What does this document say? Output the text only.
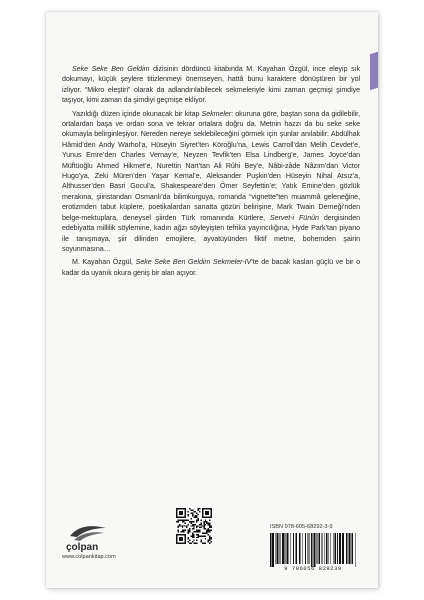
Seke Seke Ben Geldim dizisinin dördüncü kitabında M. Kayahan Özgül, ince eleyip sık dokumayı, küçük şeylere titizlenmeyi önemseyen, hattâ bunu karaktere dönüştüren bir yol izliyor. “Mikro eleştiri” olarak da adlandırılabilecek sekmeleriyle kimi zaman geçmişi şimdiye taşıyor, kimi zaman da şimdiyi geçmişe ekliyor.

Yazıldığı düzen içinde okunacak bir kitap Sekmeler: okuruna göre, baştan sona da gidilebilir, ortalardan başa ve ordan sona ve tekrar ortalara doğru da. Metnin hazzı da bu seke seke okumayla belirginleşiyor. Nereden nereye seklebileceğini görmek için şunlar anılabilir: Abdülhak Hâmid’den Andy Warhol’a, Hüseyin Siyret’ten Köroğlu’na, Lewis Carroll’dan Melih Cevdet’e, Yunus Emre’den Charles Vernay’e, Neyzen Tevfik’ten Elsa Lindberg’e, James Joyce’dan Müftüoğlu Ahmed Hikmet’e, Nurettin Nart’tan Ali Rûhi Bey’e, Nâbi-zâde Nâzım’dan Victor Hugo’ya, Zeki Müren’den Yaşar Kemal’e, Aleksander Puşkin’den Hüseyin Nihal Atsız’a, Althusser’den Basri Gocul’a, Shakespeare’den Ömer Seyfettin’e; Yatık Emine’den gözlük merakına, şiiristandan Osmanlı’da bilimkurguya, romanda “vignette”ten muammâ geleneğine, erotizmden tabut küplere, poetikalardan sanatta gözün belirişine, Mark Twain Derneği’nden belge-mektuplara, deneysel şiirden Türk romanında Kürtlere, Servet-i Fünûn dergisinden edebiyatta millilik söylemine, kadın ağzı söyleyişten tefrika yayıncılığına, Hyde Park’tan piyano ile tanışmaya, şiir dilinden emojilere, ayvatüyünden fiktif metne, bohemden şairin soyunmasına…

M. Kayahan Özgül, Seke Seke Ben Geldim Sekmeler-IV’te de bacak kasları güçlü ve bir o kadar da uyanık okura geniş bir alan açıyor.

çolpan
www.colpankitap.com
ISBN 978-605-68292-3-9
9 786056 829239
